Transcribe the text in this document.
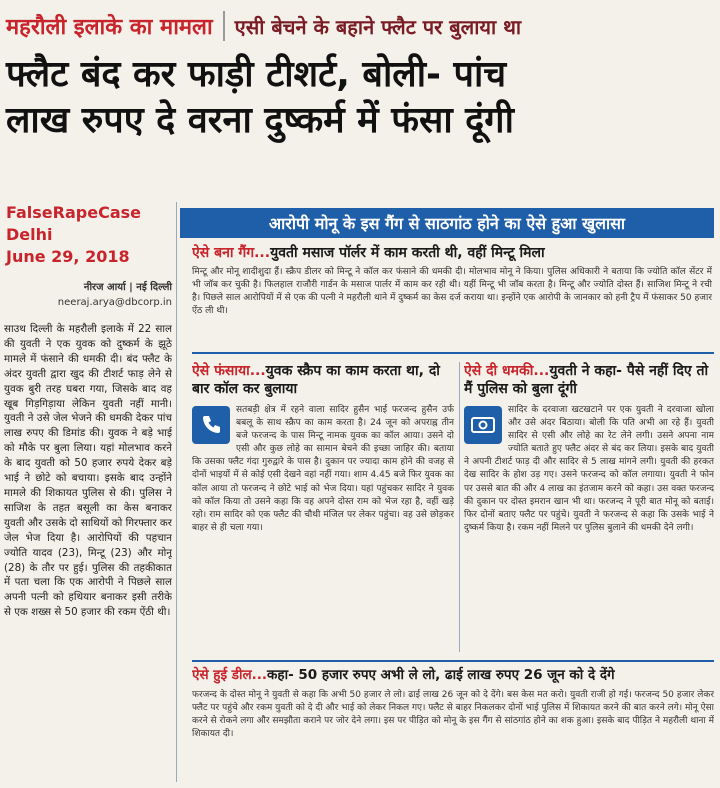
महरौली इलाके का मामला एसी बेचने के बहाने फ्लैट पर बुलाया था
फ्लैट बंद कर फाड़ी टीशर्ट, बोली- पांच
लाख रुपए दे वरना दुष्कर्म में फंसा दूंगी
FalseRapeCase
Delhi
June 29, 2018
नीरज आर्या | नई दिल्ली
neeraj.arya@dbcorp.in
साउथ दिल्ली के महरौली इलाके में 22 साल की युवती ने एक युवक को दुष्कर्म के झूठे मामले में फंसाने की धमकी दी। बंद फ्लैट के अंदर युवती द्वारा खुद की टीशर्ट फाड़ लेने से युवक बुरी तरह घबरा गया, जिसके बाद वह खूब गिड़गिड़ाया लेकिन युवती नहीं मानी। युवती ने उसे जेल भेजने की धमकी देकर पांच लाख रुपए की डिमांड की। युवक ने बड़े भाई को मौके पर बुला लिया। यहां मोलभाव करने के बाद युवती को 50 हजार रुपये देकर बड़े भाई ने छोटे को बचाया। इसके बाद उन्होंने मामले की शिकायत पुलिस से की। पुलिस ने साजिश के तहत बसूली का केस बनाकर युवती और उसके दो साथियों को गिरफ्तार कर जेल भेज दिया है। आरोपियों की पहचान ज्योति यादव (23), मिन्टू (23) और मोनू (28) के तौर पर हुई। पुलिस की तहकीकात में पता चला कि एक आरोपी ने पिछले साल अपनी पत्नी को हथियार बनाकर इसी तरीके से एक शख्स से 50 हजार की रकम ऐंठी थी।
आरोपी मोनू के इस गैंग से साठगांठ होने का ऐसे हुआ खुलासा
ऐसे बना गैंग...युवती मसाज पॉर्लर में काम करती थी, वहीं मिन्टू मिला
मिन्टू और मोनू शादीशुदा हैं। स्क्रैप डीलर को मिन्टू ने कॉल कर फंसाने की धमकी दी। मोलभाव मोनू ने किया। पुलिस अधिकारी ने बताया कि ज्योति कॉल सेंटर में भी जॉब कर चुकी है। फिलहाल राजौरी गार्डन के मसाज पार्लर में काम कर रही थी। यहीं मिन्टू भी जॉब करता है। मिन्टू और ज्योति दोस्त हैं। साजिश मिन्टू ने रची है। पिछले साल आरोपियों में से एक की पत्नी ने महरौली थाने में दुष्कर्म का केस दर्ज कराया था। इन्होंने एक आरोपी के जानकार को हनी ट्रैप में फंसाकर 50 हजार ऐंठ ली थी।
ऐसे फंसाया...युवक स्क्रैप का काम करता था, दो बार कॉल कर बुलाया
सतबड़ी क्षेत्र में रहने वाला सादिर हुसैन भाई फरजन्द हुसैन उर्फ बबलू के साथ स्क्रैप का काम करता है। 24 जून को अपराह्न तीन बजे फरजन्द के पास मिन्टू नामक युवक का कॉल आया। उसने दो एसी और कुछ लोहे का सामान बेचने की इच्छा जाहिर की। बताया कि उसका फ्लैट गंदा गुरुद्वारे के पास है। दुकान पर ज्यादा काम होने की वजह से दोनों भाइयों में से कोई एसी देखने वहां नहीं गया। शाम 4.45 बजे फिर युवक का कॉल आया तो फरजन्द ने छोटे भाई को भेज दिया। यहां पहुंचकर सादिर ने युवक को कॉल किया तो उसने कहा कि वह अपने दोस्त राम को भेज रहा है, वहीं खड़े रहो। राम सादिर को एक फ्लैट की चौथी मंजिल पर लेकर पहुंचा। वह उसे छोड़कर बाहर से ही चला गया।
ऐसे दी धमकी...युवती ने कहा- पैसे नहीं दिए तो मैं पुलिस को बुला दूंगी
सादिर के दरवाजा खटखटाने पर एक युवती ने दरवाजा खोला और उसे अंदर बिठाया। बोली कि पति अभी आ रहे हैं। युवती सादिर से एसी और लोहे का रेट लेने लगी। उसने अपना नाम ज्योति बताते हुए फ्लैट अंदर से बंद कर लिया। इसके बाद युवती ने अपनी टीशर्ट फाड़ दी और सादिर से 5 लाख मांगने लगी। युवती की हरकत देख सादिर के होश उड़ गए। उसने फरजन्द को कॉल लगाया। युवती ने फोन पर उससे बात की और 4 लाख का इंतजाम करने को कहा। उस वक्त फरजन्द की दुकान पर दोस्त इमरान खान भी था। फरजन्द ने पूरी बात मोनू को बताई। फिर दोनों बताए फ्लैट पर पहुंचे। युवती ने फरजन्द से कहा कि उसके भाई ने दुष्कर्म किया है। रकम नहीं मिलने पर पुलिस बुलाने की धमकी देने लगी।
ऐसे हुई डील...कहा- 50 हजार रुपए अभी ले लो, ढाई लाख रुपए 26 जून को दे देंगे
फरजन्द के दोस्त मोनू ने युवती से कहा कि अभी 50 हजार ले लो। ढाई लाख 26 जून को दे देंगे। बस केस मत करो। युवती राजी हो गई। फरजन्द 50 हजार लेकर फ्लैट पर पहुंचे और रकम युवती को दे दी और भाई को लेकर निकल गए। फ्लैट से बाहर निकलकर दोनों भाई पुलिस में शिकायत करने की बात करने लगे। मोनू ऐसा करने से रोकने लगा और समझौता कराने पर जोर देने लगा। इस पर पीड़ित को मोनू के इस गैंग से सांठगांठ होने का शक हुआ। इसके बाद पीड़ित ने महरौली थाना में शिकायत दी।
